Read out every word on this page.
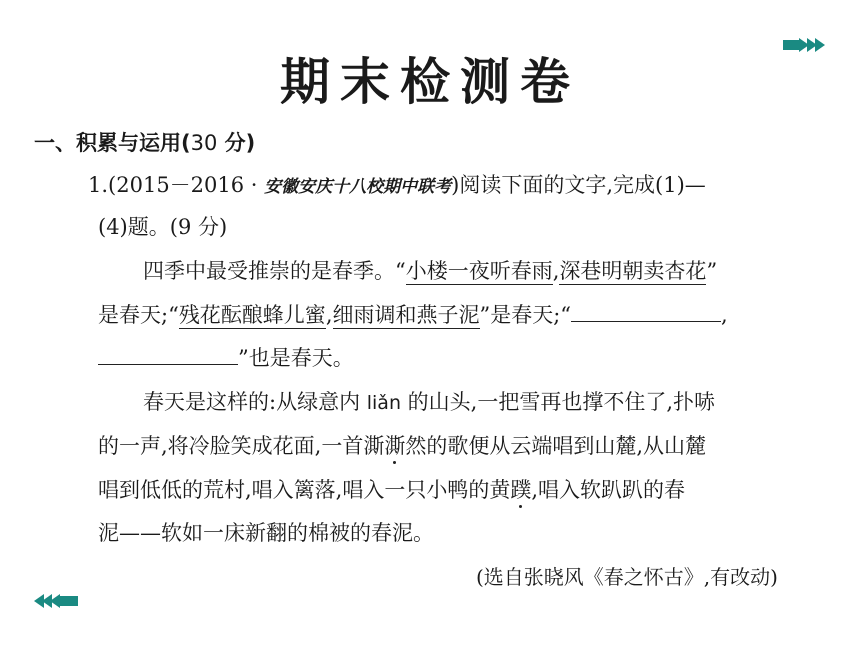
期末检测卷
一、积累与运用(30 分)
1.(2015－2016 · 安徽安庆十八校期中联考)阅读下面的文字,完成(1)—
(4)题。(9 分)
四季中最受推崇的是春季。“小楼一夜听春雨,深巷明朝卖杏花”
是春天;“残花酝酿蜂儿蜜,细雨调和燕子泥”是春天;“	,
”也是春天。
春天是这样的:从绿意内 liǎn 的山头,一把雪再也撑不住了,扑哧
的一声,将冷脸笑成花面,一首澌澌然的歌便从云端唱到山麓,从山麓
唱到低低的荒村,唱入篱落,唱入一只小鸭的黄蹼,唱入软趴趴的春
泥——软如一床新翻的棉被的春泥。
(选自张晓风《春之怀古》,有改动)
